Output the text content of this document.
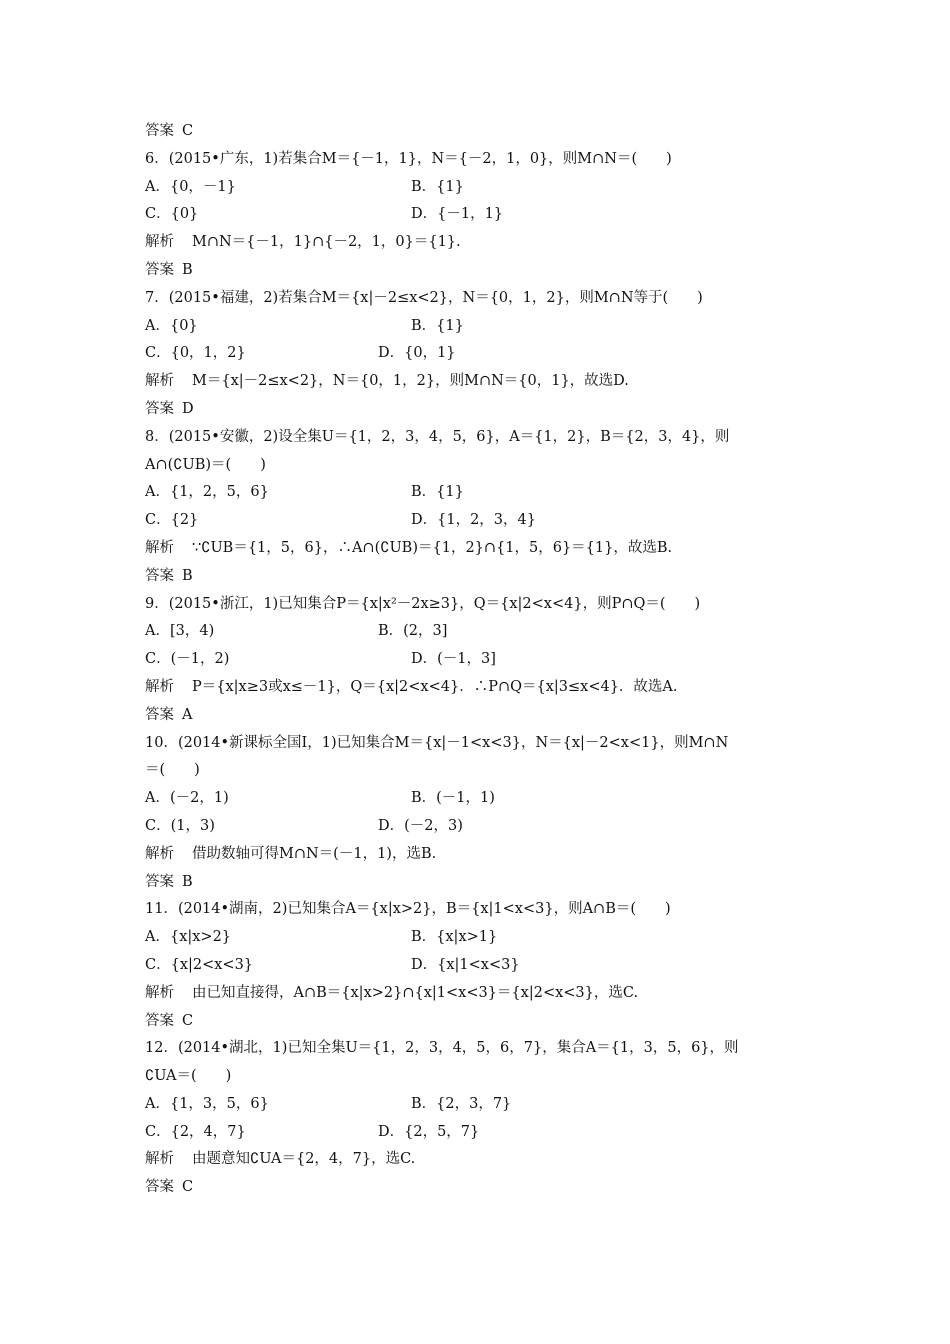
答案 C
6．(2015•广东，1)若集合M＝{－1，1}，N＝{－2，1，0}，则M∩N＝(　　)
A．{0，－1}	B．{1}
C．{0}	D．{－1，1}
解析 M∩N＝{－1，1}∩{－2，1，0}＝{1}.
答案 B
7．(2015•福建，2)若集合M＝{x|－2≤x<2}，N＝{0，1，2}，则M∩N等于(　　)
A．{0}	B．{1}
C．{0，1，2}	D．{0，1}
解析 M＝{x|－2≤x<2}，N＝{0，1，2}，则M∩N＝{0，1}，故选D.
答案 D
8．(2015•安徽，2)设全集U＝{1，2，3，4，5，6}，A＝{1，2}，B＝{2，3，4}，则
A∩(∁UB)＝(　　)
A．{1，2，5，6}	B．{1}
C．{2}	D．{1，2，3，4}
解析 ∵∁UB＝{1，5，6}，∴A∩(∁UB)＝{1，2}∩{1，5，6}＝{1}，故选B.
答案 B
9．(2015•浙江，1)已知集合P＝{x|x²－2x≥3}，Q＝{x|2<x<4}，则P∩Q＝(　　)
A．[3，4)	B．(2，3]
C．(－1，2)	D．(－1，3]
解析 P＝{x|x≥3或x≤－1}，Q＝{x|2<x<4}．∴P∩Q＝{x|3≤x<4}．故选A.
答案 A
10．(2014•新课标全国Ⅰ，1)已知集合M＝{x|－1<x<3}，N＝{x|－2<x<1}，则M∩N
＝(　　)
A．(－2，1)	B．(－1，1)
C．(1，3)	D．(－2，3)
解析 借助数轴可得M∩N＝(－1，1)，选B.
答案 B
11．(2014•湖南，2)已知集合A＝{x|x>2}，B＝{x|1<x<3}，则A∩B＝(　　)
A．{x|x>2}	B．{x|x>1}
C．{x|2<x<3}	D．{x|1<x<3}
解析 由已知直接得，A∩B＝{x|x>2}∩{x|1<x<3}＝{x|2<x<3}，选C.
答案 C
12．(2014•湖北，1)已知全集U＝{1，2，3，4，5，6，7}，集合A＝{1，3，5，6}，则
∁UA＝(　　)
A．{1，3，5，6}	B．{2，3，7}
C．{2，4，7}	D．{2，5，7}
解析 由题意知∁UA＝{2，4，7}，选C.
答案 C
